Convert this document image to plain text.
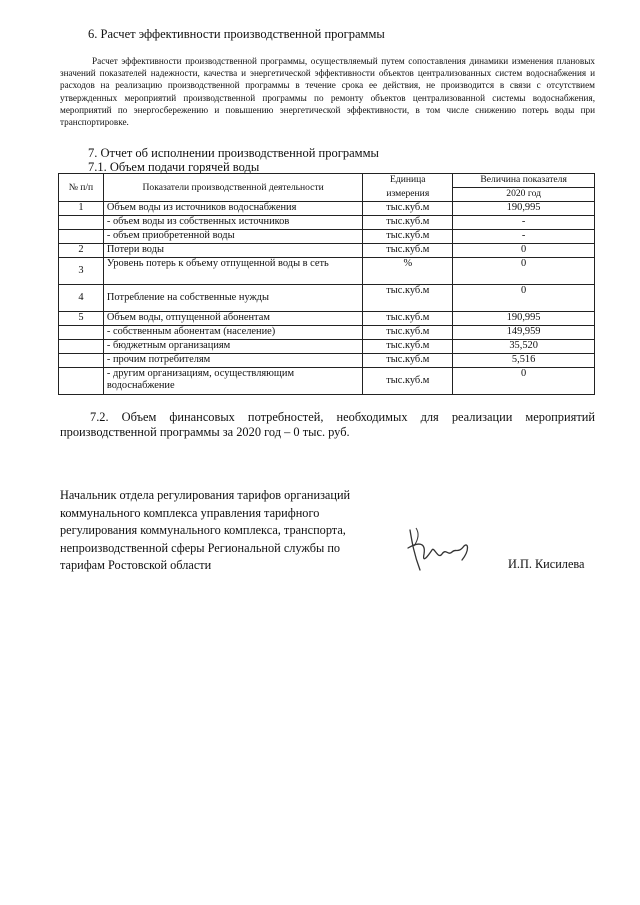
6. Расчет эффективности производственной программы
Расчет эффективности производственной программы, осуществляемый путем сопоставления динамики изменения плановых значений показателей надежности, качества и энергетической эффективности объектов централизованных систем водоснабжения и расходов на реализацию производственной программы в течение срока ее действия, не производится в связи с отсутствием утвержденных мероприятий производственной программы по ремонту объектов централизованной системы водоснабжения, мероприятий по энергосбережению и повышению энергетической эффективности, в том числе снижению потерь воды при транспортировке.
7. Отчет об исполнении производственной программы
7.1. Объем подачи горячей воды
№ п/п	Показатели производственной деятельности	Единица	Величина показателя
		измерения	2020 год
1	Объем воды из источников водоснабжения	тыс.куб.м	190,995
	- объем воды из собственных источников	тыс.куб.м	-
	- объем приобретенной воды	тыс.куб.м	-
2	Потери воды	тыс.куб.м	0
3	Уровень потерь к объему отпущенной воды в сеть	%	0
4	Потребление на собственные нужды	тыс.куб.м	0
5	Объем воды, отпущенной абонентам	тыс.куб.м	190,995
	- собственным абонентам (население)	тыс.куб.м	149,959
	- бюджетным организациям	тыс.куб.м	35,520
	- прочим потребителям	тыс.куб.м	5,516
	- другим организациям, осуществляющим водоснабжение	тыс.куб.м	0
7.2. Объем финансовых потребностей, необходимых для реализации мероприятий производственной программы за 2020 год – 0 тыс. руб.
Начальник отдела регулирования тарифов организаций
коммунального комплекса управления тарифного
регулирования коммунального комплекса, транспорта,
непроизводственной сферы Региональной службы по
тарифам Ростовской области	И.П. Кисилева
